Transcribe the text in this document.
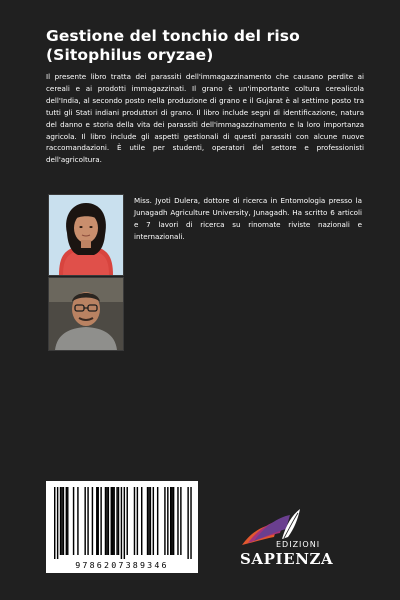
Gestione del tonchio del riso (Sitophilus oryzae)
Il presente libro tratta dei parassiti dell'immagazzinamento che causano perdite ai cereali e ai prodotti immagazzinati. Il grano è un'importante coltura cerealicola dell'India, al secondo posto nella produzione di grano e il Gujarat è al settimo posto tra tutti gli Stati indiani produttori di grano. Il libro include segni di identificazione, natura del danno e storia della vita dei parassiti dell'immagazzinamento e la loro importanza agricola. Il libro include gli aspetti gestionali di questi parassiti con alcune nuove raccomandazioni. È utile per studenti, operatori del settore e professionisti dell'agricoltura.
Miss. Jyoti Dulera, dottore di ricerca in Entomologia presso la Junagadh Agriculture University, Junagadh. Ha scritto 6 articoli e 7 lavori di ricerca su rinomate riviste nazionali e internazionali.
9786207389346
EDIZIONI
SAPIENZA
